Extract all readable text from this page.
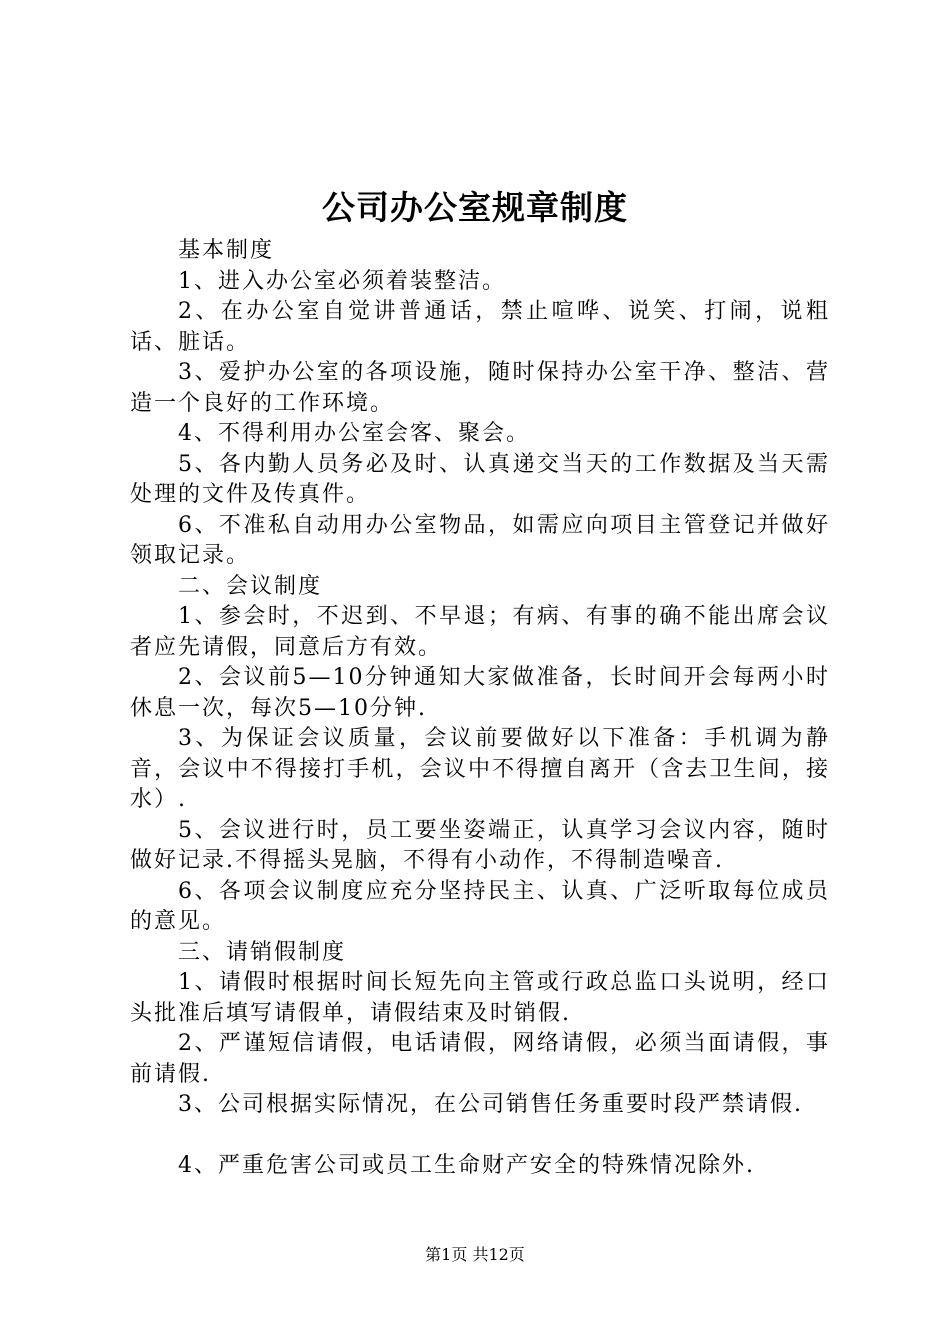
公司办公室规章制度

基本制度

1、进入办公室必须着装整洁。

2、在办公室自觉讲普通话，禁止喧哗、说笑、打闹，说粗话、脏话。

3、爱护办公室的各项设施，随时保持办公室干净、整洁、营造一个良好的工作环境。

4、不得利用办公室会客、聚会。

5、各内勤人员务必及时、认真递交当天的工作数据及当天需处理的文件及传真件。

6、不准私自动用办公室物品，如需应向项目主管登记并做好领取记录。

二、会议制度

1、参会时，不迟到、不早退；有病、有事的确不能出席会议者应先请假，同意后方有效。

2、会议前5—10分钟通知大家做准备，长时间开会每两小时休息一次，每次5—10分钟.

3、为保证会议质量，会议前要做好以下准备：手机调为静音，会议中不得接打手机，会议中不得擅自离开（含去卫生间，接水）.

5、会议进行时，员工要坐姿端正，认真学习会议内容，随时做好记录.不得摇头晃脑，不得有小动作，不得制造噪音.

6、各项会议制度应充分坚持民主、认真、广泛听取每位成员的意见。

三、请销假制度

1、请假时根据时间长短先向主管或行政总监口头说明，经口头批准后填写请假单，请假结束及时销假.

2、严谨短信请假，电话请假，网络请假，必须当面请假，事前请假.

3、公司根据实际情况，在公司销售任务重要时段严禁请假.

4、严重危害公司或员工生命财产安全的特殊情况除外.

第1页 共12页
